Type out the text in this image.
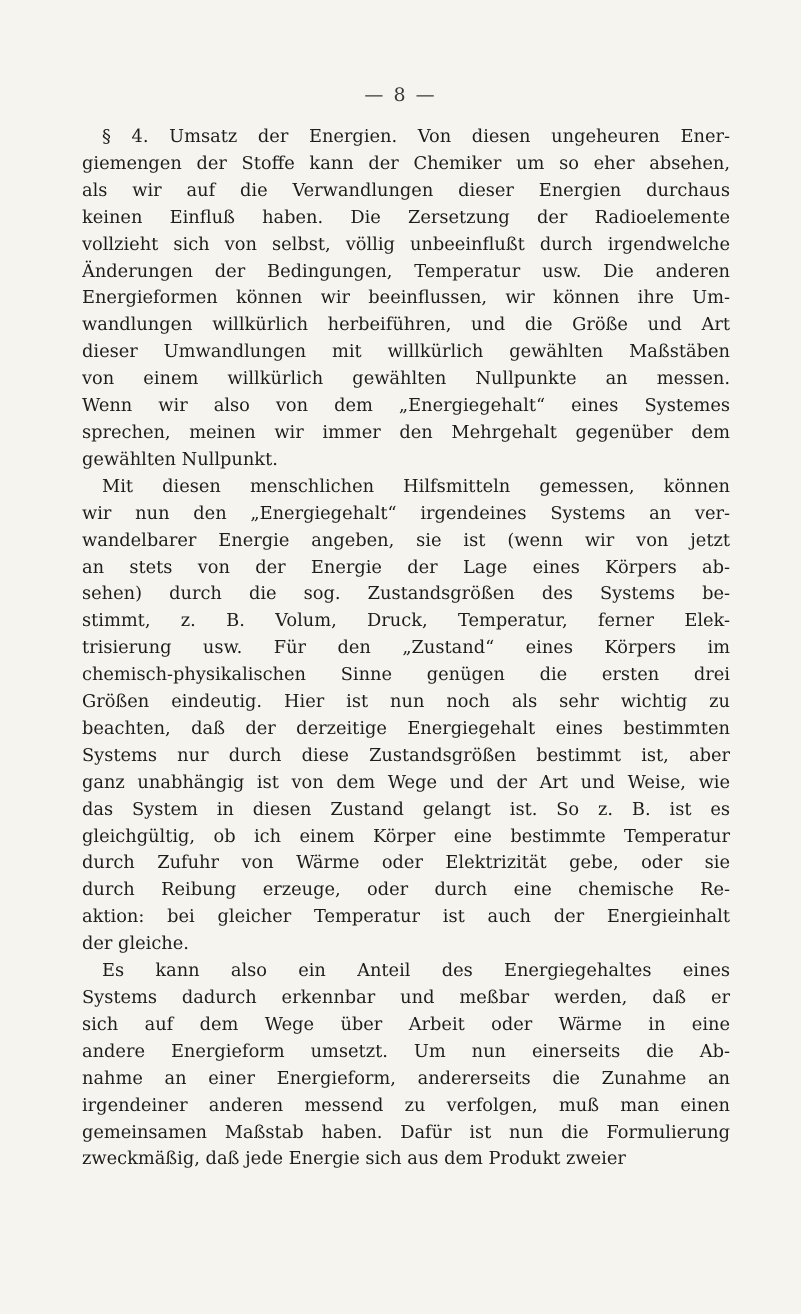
— 8 —
§ 4. Umsatz der Energien. Von diesen ungeheuren Ener-
giemengen der Stoffe kann der Chemiker um so eher absehen,
als wir auf die Verwandlungen dieser Energien durchaus
keinen Einfluß haben. Die Zersetzung der Radioelemente
vollzieht sich von selbst, völlig unbeeinflußt durch irgendwelche
Änderungen der Bedingungen, Temperatur usw. Die anderen
Energieformen können wir beeinflussen, wir können ihre Um-
wandlungen willkürlich herbeiführen, und die Größe und Art
dieser Umwandlungen mit willkürlich gewählten Maßstäben
von einem willkürlich gewählten Nullpunkte an messen.
Wenn wir also von dem „Energiegehalt“ eines Systemes
sprechen, meinen wir immer den Mehrgehalt gegenüber dem
gewählten Nullpunkt.
Mit diesen menschlichen Hilfsmitteln gemessen, können
wir nun den „Energiegehalt“ irgendeines Systems an ver-
wandelbarer Energie angeben, sie ist (wenn wir von jetzt
an stets von der Energie der Lage eines Körpers ab-
sehen) durch die sog. Zustandsgrößen des Systems be-
stimmt, z. B. Volum, Druck, Temperatur, ferner Elek-
trisierung usw. Für den „Zustand“ eines Körpers im
chemisch-physikalischen Sinne genügen die ersten drei
Größen eindeutig. Hier ist nun noch als sehr wichtig zu
beachten, daß der derzeitige Energiegehalt eines bestimmten
Systems nur durch diese Zustandsgrößen bestimmt ist, aber
ganz unabhängig ist von dem Wege und der Art und Weise, wie
das System in diesen Zustand gelangt ist. So z. B. ist es
gleichgültig, ob ich einem Körper eine bestimmte Temperatur
durch Zufuhr von Wärme oder Elektrizität gebe, oder sie
durch Reibung erzeuge, oder durch eine chemische Re-
aktion: bei gleicher Temperatur ist auch der Energieinhalt
der gleiche.
Es kann also ein Anteil des Energiegehaltes eines
Systems dadurch erkennbar und meßbar werden, daß er
sich auf dem Wege über Arbeit oder Wärme in eine
andere Energieform umsetzt. Um nun einerseits die Ab-
nahme an einer Energieform, andererseits die Zunahme an
irgendeiner anderen messend zu verfolgen, muß man einen
gemeinsamen Maßstab haben. Dafür ist nun die Formulierung
zweckmäßig, daß jede Energie sich aus dem Produkt zweier
